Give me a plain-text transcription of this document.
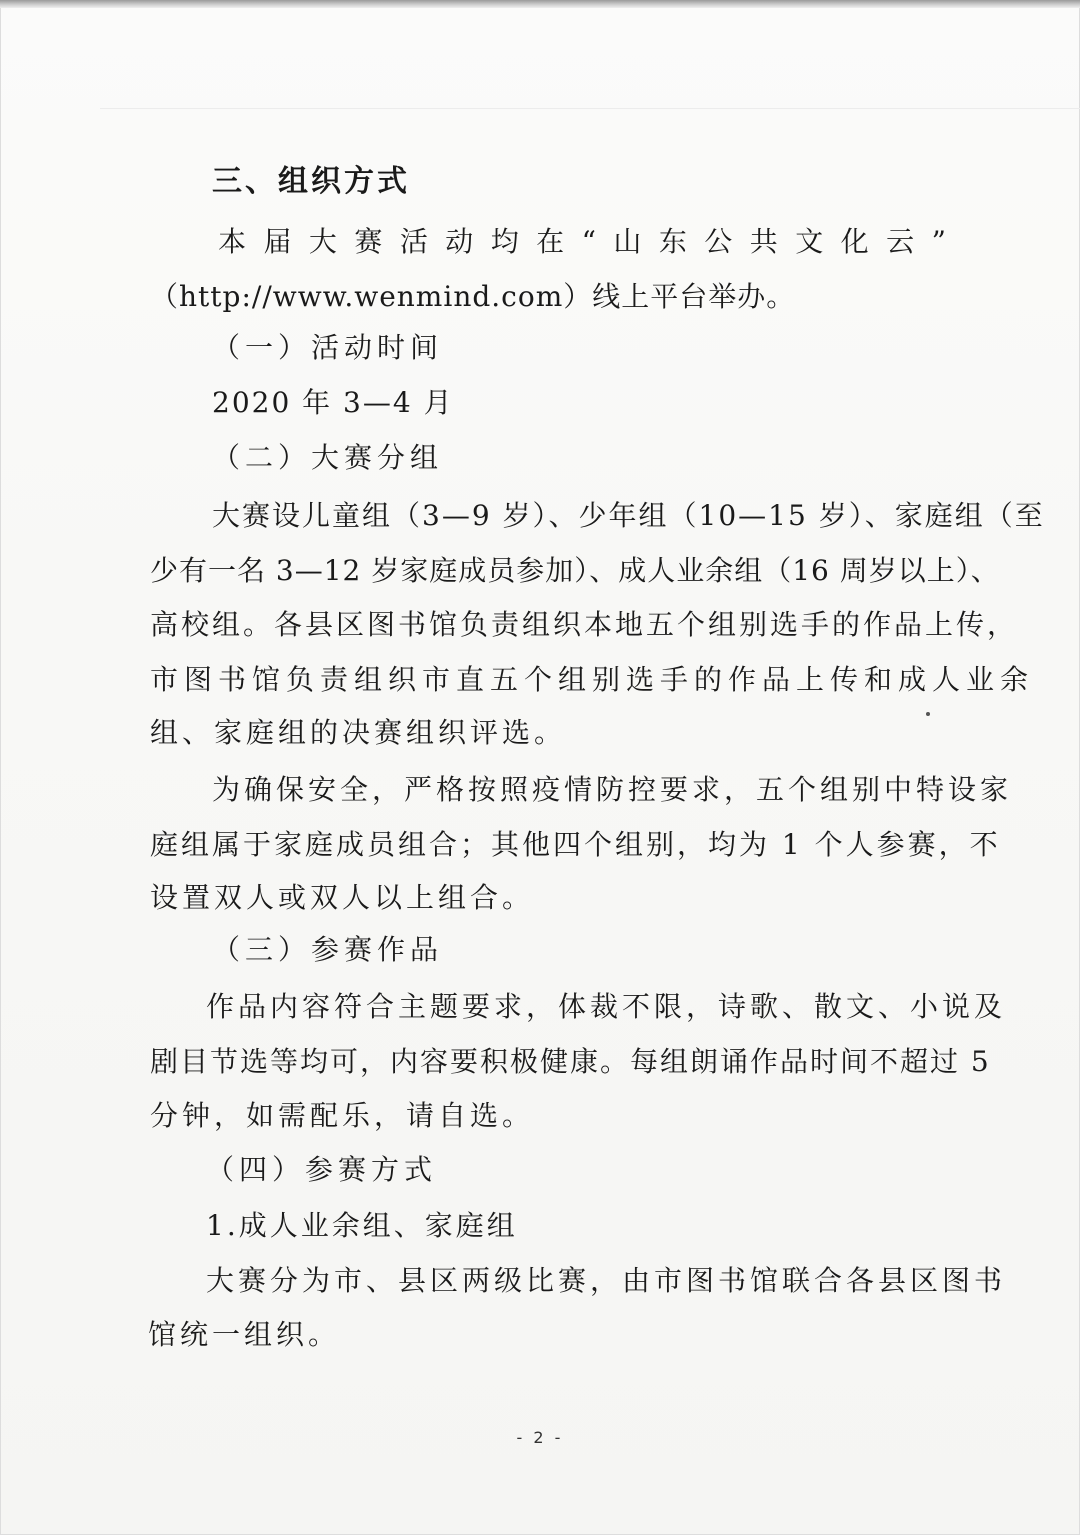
三、组织方式
本 届 大 赛 活 动 均 在 “ 山 东 公 共 文 化 云 ”
（http://www.wenmind.com）线上平台举办。
（一）活动时间
2020 年 3—4 月
（二）大赛分组
大赛设儿童组（3—9 岁）、少年组（10—15 岁）、家庭组（至
少有一名 3—12 岁家庭成员参加）、成人业余组（16 周岁以上）、
高校组。各县区图书馆负责组织本地五个组别选手的作品上传，
市图书馆负责组织市直五个组别选手的作品上传和成人业余
组、家庭组的决赛组织评选。
为确保安全，严格按照疫情防控要求，五个组别中特设家
庭组属于家庭成员组合；其他四个组别，均为 1 个人参赛，不
设置双人或双人以上组合。
（三）参赛作品
作品内容符合主题要求，体裁不限，诗歌、散文、小说及
剧目节选等均可，内容要积极健康。每组朗诵作品时间不超过 5
分钟，如需配乐，请自选。
（四）参赛方式
1.成人业余组、家庭组
大赛分为市、县区两级比赛，由市图书馆联合各县区图书
馆统一组织。
- 2 -
